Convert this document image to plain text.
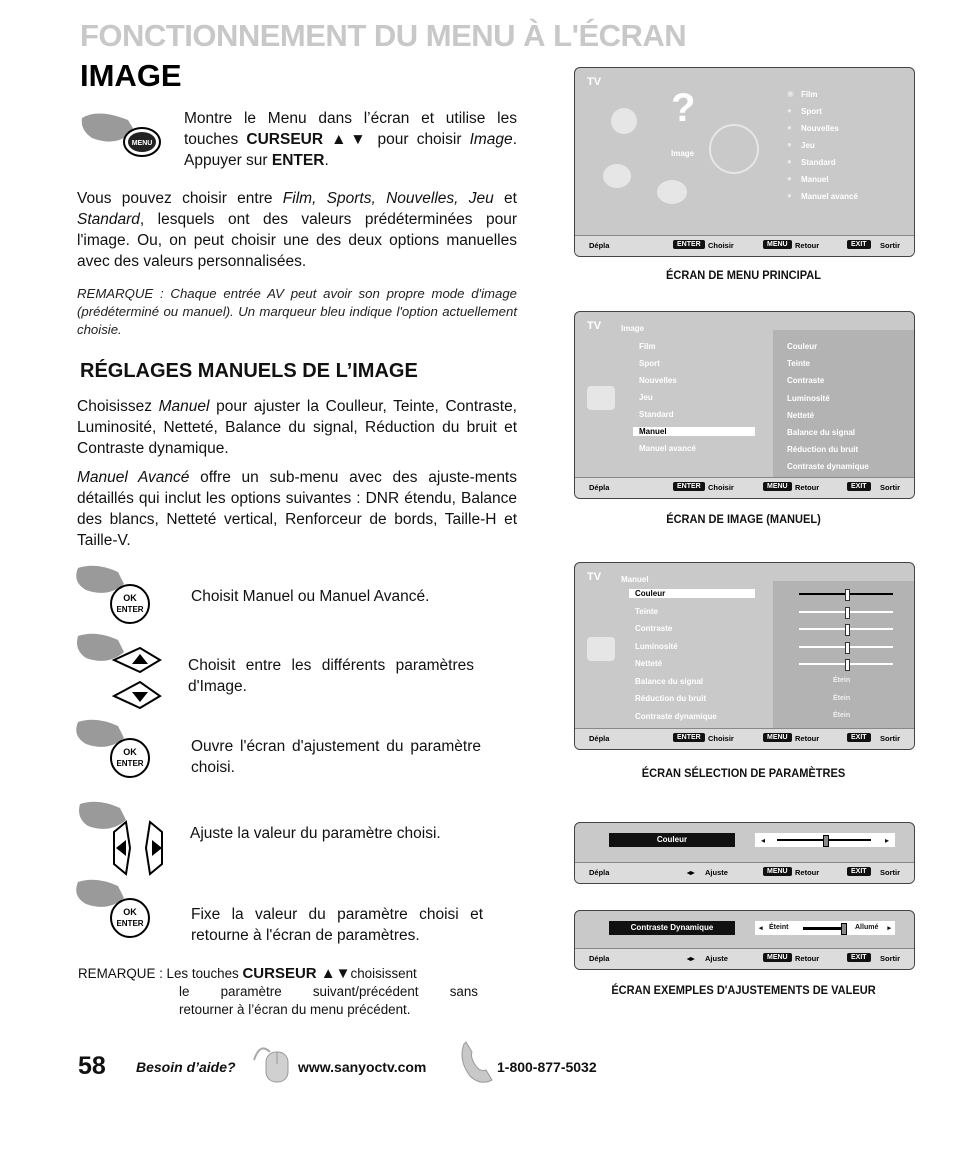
FONCTIONNEMENT DU MENU À L'ÉCRAN
IMAGE
MENU
Montre le Menu dans l’écran et utilise les touches CURSEUR ▲▼ pour choisir Image. Appuyer sur ENTER.
Vous pouvez choisir entre Film, Sports, Nouvelles, Jeu et Standard, lesquels ont des valeurs prédéterminées pour l'image. Ou, on peut choisir une des deux options manuelles avec des valeurs personnalisées.
REMARQUE : Chaque entrée AV peut avoir son propre mode d'image (prédéterminé ou manuel). Un marqueur bleu indique l'option actuellement choisie.
RÉGLAGES MANUELS DE L’IMAGE
Choisissez Manuel pour ajuster la Coulleur, Teinte, Contraste, Luminosité, Netteté, Balance du signal, Réduction du bruit et Contraste dynamique.
Manuel Avancé offre un sub-menu avec des ajuste-ments détaillés qui inclut les options suivantes : DNR étendu, Balance des blancs, Netteté vertical, Renforceur de bords, Taille-H et Taille-V.
OK
ENTER
Choisit Manuel ou Manuel Avancé.
Choisit entre les différents paramètres d'Image.
OK
ENTER
Ouvre l'écran d'ajustement du paramètre choisi.
Ajuste la valeur du paramètre choisi.
OK
ENTER
Fixe la valeur du paramètre choisi et retourne à l'écran de paramètres.
REMARQUE : Les touches CURSEUR ▲▼choisissent
le paramètre suivant/précédent sans
retourner à l’écran du menu précédent.
TV
?
Image
◉ Film
● Sport
● Nouvelles
● Jeu
● Standard
● Manuel
● Manuel avancé
Dépla	ENTER Choisir	MENU Retour	EXIT	Sortir
ÉCRAN DE MENU PRINCIPAL
TV Image
Film
Sport
Nouvelles
Jeu
Standard
Manuel
Manuel avancé
Couleur
Teinte
Contraste
Luminosité
Netteté
Balance du signal
Réduction du bruit
Contraste dynamique
Dépla	ENTER Choisir	MENU Retour	EXIT	Sortir
ÉCRAN DE IMAGE (MANUEL)
TV Manuel
Couleur
Teinte
Contraste
Luminosité
Netteté
Balance du signal
Réduction du bruit
Contraste dynamique
Étein
Étein
Étein
Dépla	ENTER Choisir	MENU Retour	EXIT	Sortir
ÉCRAN SÉLECTION DE PARAMÈTRES
Couleur	◂	▸
Dépla	◂▸ Ajuste	MENU Retour	EXIT	Sortir
Contraste Dynamique	◂ Éteint	Allumé ▸
Dépla	◂▸ Ajuste	MENU Retour	EXIT	Sortir
ÉCRAN EXEMPLES D'AJUSTEMENTS DE VALEUR
58 Besoin d’aide?	www.sanyoctv.com	1-800-877-5032
